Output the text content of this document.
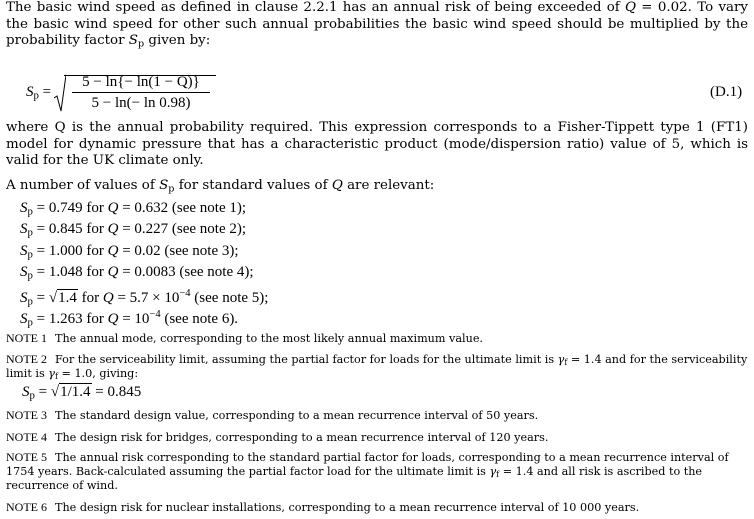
The basic wind speed as defined in clause 2.2.1 has an annual risk of being exceeded of Q = 0.02. To vary the basic wind speed for other such annual probabilities the basic wind speed should be multiplied by the probability factor $S_p$ given by:
$S_p$ =
5 − ln{− ln(1 − Q)}
5 − ln(− ln 0.98)
(D.1)
where Q is the annual probability required. This expression corresponds to a Fisher-Tippett type 1 (FT1) model for dynamic pressure that has a characteristic product (mode/dispersion ratio) value of 5, which is valid for the UK climate only.
A number of values of $S_p$ for standard values of Q are relevant:
$S_p = 0.749$ for Q = 0.632 (see note 1);
$S_p = 0.845$ for Q = 0.227 (see note 2);
$S_p = 1.000$ for Q = 0.02 (see note 3);
$S_p = 1.048$ for Q = 0.0083 (see note 4);
$S_p = √1.4$ for $Q = 5.7 \times 10^{-4}$ (see note 5);
$S_p = 1.263$ for $Q = 10^{-4}$ (see note 6).
NOTE 1 The annual mode, corresponding to the most likely annual maximum value.
NOTE 2 For the serviceability limit, assuming the partial factor for loads for the ultimate limit is $\gamma_f = 1.4$ and for the serviceability limit is $\gamma_f = 1.0$, giving:
$S_p = √1/1.4 = 0.845$
NOTE 3 The standard design value, corresponding to a mean recurrence interval of 50 years.
NOTE 4 The design risk for bridges, corresponding to a mean recurrence interval of 120 years.
NOTE 5 The annual risk corresponding to the standard partial factor for loads, corresponding to a mean recurrence interval of 1754 years. Back-calculated assuming the partial factor load for the ultimate limit is $\gamma_f = 1.4$ and all risk is ascribed to the recurrence of wind.
NOTE 6 The design risk for nuclear installations, corresponding to a mean recurrence interval of 10 000 years.
